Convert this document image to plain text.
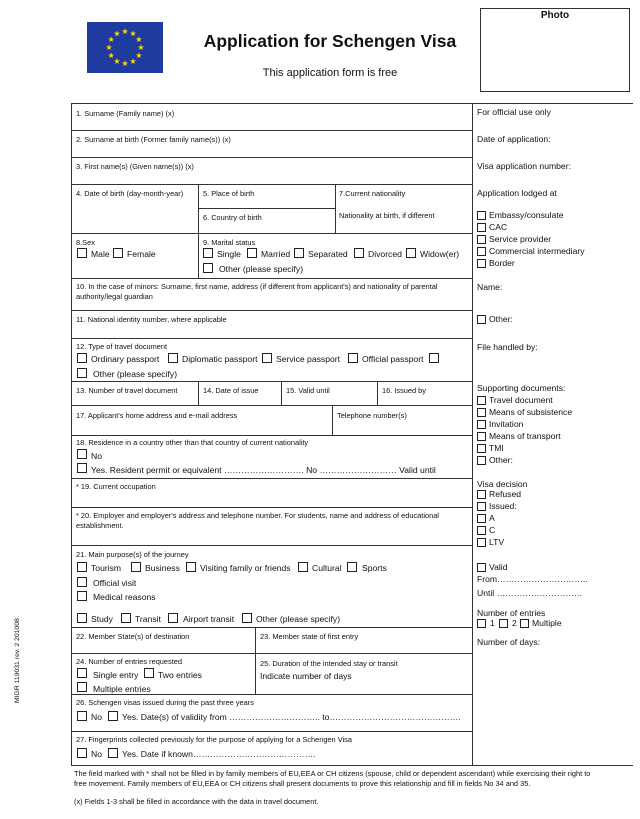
Application for Schengen Visa
This application form is free
Photo
MIGR 119031 rev. 2 201008
1. Surname (Family name) (x)
2. Surname at birth (Former family name(s)) (x)
3. First name(s) (Given name(s)) (x)
4. Date of birth (day-month-year)	5. Place of birth
6. Country of birth
7.Current nationality
Nationality at birth, if different
8.Sex
Male Female
9. Marital status
Single Married Separated Divorced Widow(er)
Other (please specify)
10. In the case of minors: Surname, first name, address (if different from applicant's) and nationality of parental authority/legal guardian
11. National identity number, where applicable
12. Type of travel document
Ordinary passport	Diplomatic passport Service passport	Official passport
Other (please specify)
13. Number of travel document	14. Date of issue	15. Valid until	16. Issued by
17. Applicant's home address and e-mail address	Telephone number(s)
18. Residence in a country other than that country of current nationality
No
Yes. Resident permit or equivalent ………………………. No ……………………… Valid until
* 19. Current occupation
* 20. Employer and employer's address and telephone number. For students, name and address of educational establishment.
21. Main purpose(s) of the journey
Tourism	Business Visiting family or friends Cultural Sports
Official visit
Medical reasons
Study	Transit	Airport transit	Other (please specify)
22. Member State(s) of destination	23. Member state of first entry
24. Number of entries requested
Single entry Two entries
Multiple entries
25. Duration of the intended stay or transit
Indicate number of days
26. Schengen visas issued during the past three years
No Yes. Date(s) of validity from ………………………….. to……………………………………….
27. Fingerprints collected previously for the purpose of applying for a Schengen Visa
No Yes. Date if known…………………………………….
For official use only
Date of application:
Visa application number:
Application lodged at
Embassy/consulate
CAC
Service provider
Commercial intermediary
Border
Name:
Other:
File handled by:
Supporting documents:
Travel document
Means of subsistence
Invitation
Means of transport
TMI
Other:
Visa decision
Refused
Issued:
A
C
LTV
Valid
From…………………………..
Until …………………………
Number of entries
1 2 Multiple
Number of days:
The field marked with * shall not be filled in by family members of EU,EEA or CH citizens (spouse, child or dependent ascendant) while exercising their right to free movement. Family members of EU,EEA or CH citizens shall present documents to prove this relationship and fill in fields No 34 and 35.
(x) Fields 1-3 shall be filled in accordance with the data in travel document.
